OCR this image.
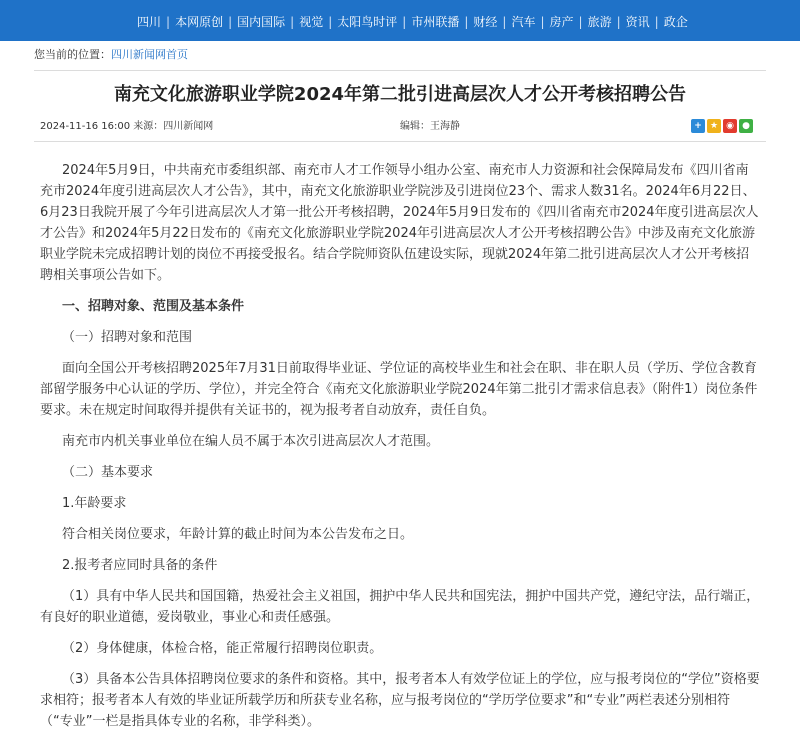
四川 | 本网原创 | 国内国际 | 视觉 | 太阳鸟时评 | 市州联播 | 财经 | 汽车 | 房产 | 旅游 | 资讯 | 政企
您当前的位置：四川新闻网首页
南充文化旅游职业学院2024年第二批引进高层次人才公开考核招聘公告
2024-11-16 16:00 来源：四川新闻网	编辑：王海静	+ ★ ◉ ●

2024年5月9日，中共南充市委组织部、南充市人才工作领导小组办公室、南充市人力资源和社会保障局发布《四川省南充市2024年度引进高层次人才公告》，其中，南充文化旅游职业学院涉及引进岗位23个、需求人数31名。2024年6月22日、6月23日我院开展了今年引进高层次人才第一批公开考核招聘，2024年5月9日发布的《四川省南充市2024年度引进高层次人才公告》和2024年5月22日发布的《南充文化旅游职业学院2024年引进高层次人才公开考核招聘公告》中涉及南充文化旅游职业学院未完成招聘计划的岗位不再接受报名。结合学院师资队伍建设实际，现就2024年第二批引进高层次人才公开考核招聘相关事项公告如下。

一、招聘对象、范围及基本条件

（一）招聘对象和范围

面向全国公开考核招聘2025年7月31日前取得毕业证、学位证的高校毕业生和社会在职、非在职人员（学历、学位含教育部留学服务中心认证的学历、学位），并完全符合《南充文化旅游职业学院2024年第二批引才需求信息表》（附件1）岗位条件要求。未在规定时间取得并提供有关证书的，视为报考者自动放弃，责任自负。

南充市内机关事业单位在编人员不属于本次引进高层次人才范围。

（二）基本要求

1.年龄要求

符合相关岗位要求，年龄计算的截止时间为本公告发布之日。

2.报考者应同时具备的条件

（1）具有中华人民共和国国籍，热爱社会主义祖国，拥护中华人民共和国宪法，拥护中国共产党，遵纪守法，品行端正，有良好的职业道德，爱岗敬业，事业心和责任感强。

（2）身体健康，体检合格，能正常履行招聘岗位职责。

（3）具备本公告具体招聘岗位要求的条件和资格。其中，报考者本人有效学位证上的学位，应与报考岗位的“学位”资格要求相符；报考者本人有效的毕业证所载学历和所获专业名称，应与报考岗位的“学历学位要求”和“专业”两栏表述分别相符（“专业”一栏是指具体专业的名称，非学科类）。
